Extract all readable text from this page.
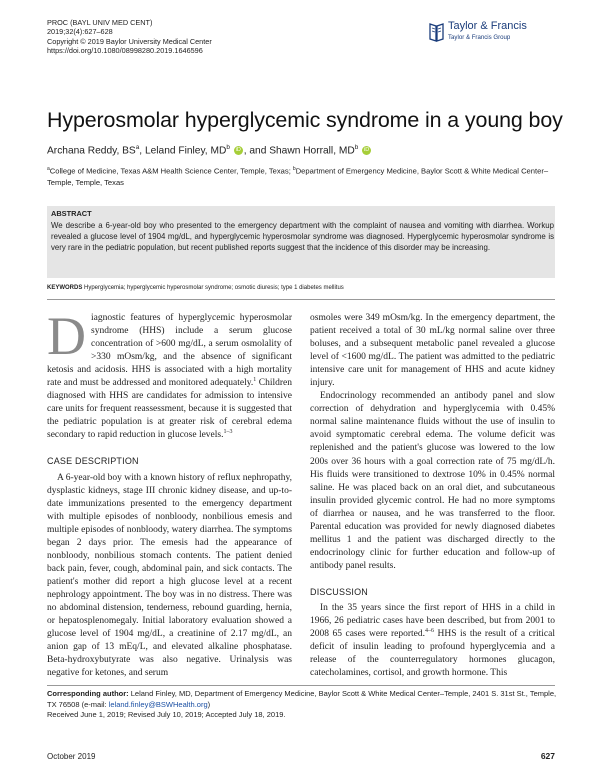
PROC (BAYL UNIV MED CENT)
2019;32(4):627–628
Copyright © 2019 Baylor University Medical Center
https://doi.org/10.1080/08998280.2019.1646596
Taylor & Francis
Taylor & Francis Group
Hyperosmolar hyperglycemic syndrome in a young boy
Archana Reddy, $BS^a$, Leland Finley, $MD^b$ iD , and Shawn Horrall, $MD^b$ iD
$^a$College of Medicine, Texas A&M Health Science Center, Temple, Texas; $^b$Department of Emergency Medicine, Baylor Scott & White Medical Center–Temple, Temple, Texas
ABSTRACT
We describe a 6-year-old boy who presented to the emergency department with the complaint of nausea and vomiting with diarrhea. Workup revealed a glucose level of 1904 mg/dL, and hyperglycemic hyperosmolar syndrome was diagnosed. Hyperglycemic hyperosmolar syndrome is very rare in the pediatric population, but recent published reports suggest that the incidence of this disorder may be increasing.
KEYWORDS Hyperglycemia; hyperglycemic hyperosmolar syndrome; osmotic diuresis; type 1 diabetes mellitus

Diagnostic features of hyperglycemic hyperosmolar syndrome (HHS) include a serum glucose concentration of >600 mg/dL, a serum osmolality of >330 mOsm/kg, and the absence of significant ketosis and acidosis. HHS is associated with a high mortality rate and must be addressed and monitored adequately.$^1$ Children diagnosed with HHS are candidates for admission to intensive care units for frequent reassessment, because it is suggested that the pediatric population is at greater risk of cerebral edema secondary to rapid reduction in glucose levels.$^{1-3}$

CASE DESCRIPTION

A 6-year-old boy with a known history of reflux nephropathy, dysplastic kidneys, stage III chronic kidney disease, and up-to-date immunizations presented to the emergency department with multiple episodes of nonbloody, nonbilious emesis and multiple episodes of nonbloody, watery diarrhea. The symptoms began 2 days prior. The emesis had the appearance of nonbloody, nonbilious stomach contents. The patient denied back pain, fever, cough, abdominal pain, and sick contacts. The patient's mother did report a high glucose level at a recent nephrology appointment. The boy was in no distress. There was no abdominal distension, tenderness, rebound guarding, hernia, or hepatosplenomegaly. Initial laboratory evaluation showed a glucose level of 1904 mg/dL, a creatinine of 2.17 mg/dL, an anion gap of 13 mEq/L, and elevated alkaline phosphatase. Beta-hydroxybutyrate was also negative. Urinalysis was negative for ketones, and serum

osmoles were 349 mOsm/kg. In the emergency department, the patient received a total of 30 mL/kg normal saline over three boluses, and a subsequent metabolic panel revealed a glucose level of <1600 mg/dL. The patient was admitted to the pediatric intensive care unit for management of HHS and acute kidney injury.

Endocrinology recommended an antibody panel and slow correction of dehydration and hyperglycemia with 0.45% normal saline maintenance fluids without the use of insulin to avoid symptomatic cerebral edema. The volume deficit was replenished and the patient's glucose was lowered to the low 200s over 36 hours with a goal correction rate of 75 mg/dL/h. His fluids were transitioned to dextrose 10% in 0.45% normal saline. He was placed back on an oral diet, and subcutaneous insulin provided glycemic control. He had no more symptoms of diarrhea or nausea, and he was transferred to the floor. Parental education was provided for newly diagnosed diabetes mellitus 1 and the patient was discharged directly to the endocrinology clinic for further education and follow-up of antibody panel results.

DISCUSSION

In the 35 years since the first report of HHS in a child in 1966, 26 pediatric cases have been described, but from 2001 to 2008 65 cases were reported.$^{4-6}$ HHS is the result of a critical deficit of insulin leading to profound hyperglycemia and a release of the counterregulatory hormones glucagon, catecholamines, cortisol, and growth hormone. This

Corresponding author: Leland Finley, MD, Department of Emergency Medicine, Baylor Scott & White Medical Center–Temple, 2401 S. 31st St., Temple, TX 76508 (e-mail: leland.finley@BSWHealth.org)
Received June 1, 2019; Revised July 10, 2019; Accepted July 18, 2019.
October 2019	627
